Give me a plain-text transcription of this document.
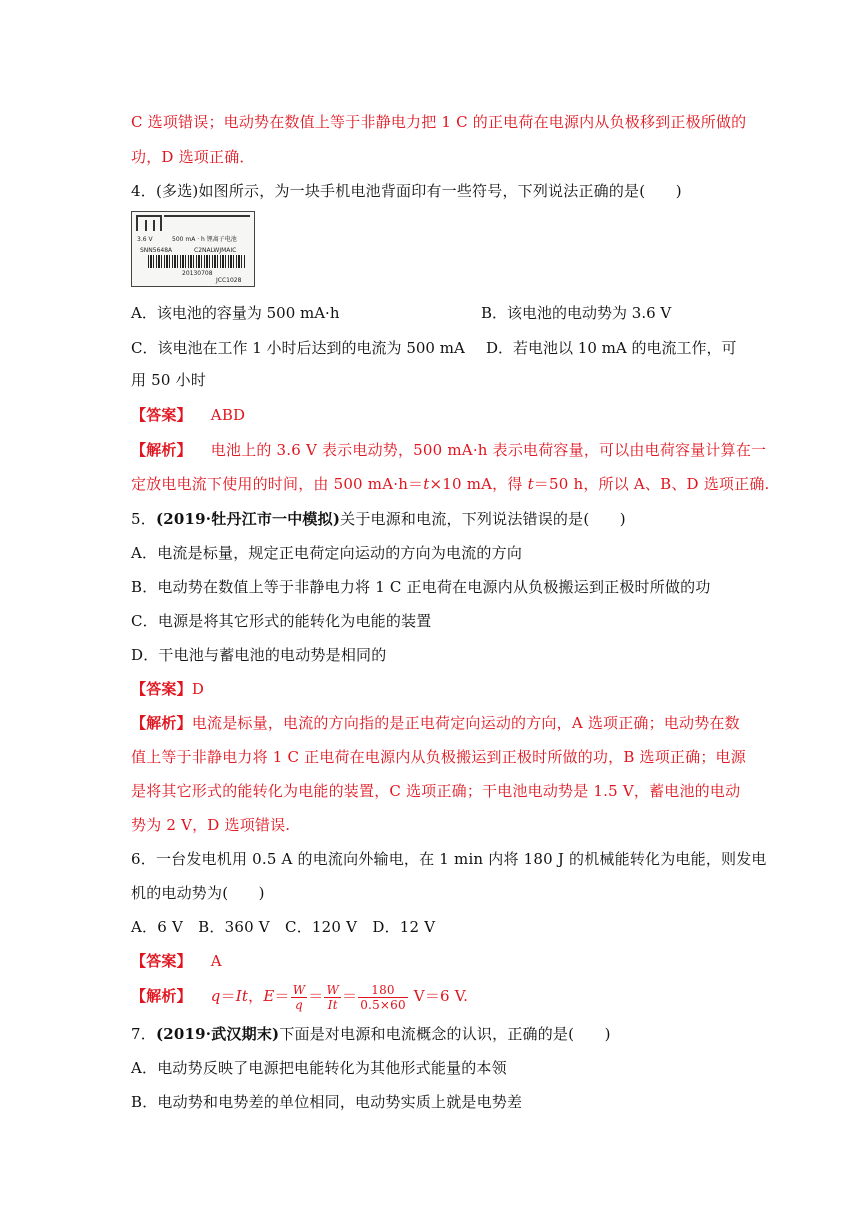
C 选项错误；电动势在数值上等于非静电力把 1 C 的正电荷在电源内从负极移到正极所做的
功，D 选项正确．
4．(多选)如图所示，为一块手机电池背面印有一些符号，下列说法正确的是(　　)
3.6 V	500 mA · h 锂离子电池
SNN5648A	C2NALWJMAIC
20130708
JCC1028
A．该电池的容量为 500 mA·h	B．该电池的电动势为 3.6 V
C．该电池在工作 1 小时后达到的电流为 500 mA D．若电池以 10 mA 的电流工作，可
用 50 小时
【答案】 ABD
【解析】 电池上的 3.6 V 表示电动势，500 mA·h 表示电荷容量，可以由电荷容量计算在一
定放电电流下使用的时间，由 500 mA·h＝t×10 mA，得 t＝50 h，所以 A、B、D 选项正确.
5．(2019·牡丹江市一中模拟)关于电源和电流，下列说法错误的是(　　)
A．电流是标量，规定正电荷定向运动的方向为电流的方向
B．电动势在数值上等于非静电力将 1 C 正电荷在电源内从负极搬运到正极时所做的功
C．电源是将其它形式的能转化为电能的装置
D．干电池与蓄电池的电动势是相同的
【答案】D
【解析】电流是标量，电流的方向指的是正电荷定向运动的方向，A 选项正确；电动势在数
值上等于非静电力将 1 C 正电荷在电源内从负极搬运到正极时所做的功，B 选项正确；电源
是将其它形式的能转化为电能的装置，C 选项正确；干电池电动势是 1.5 V，蓄电池的电动
势为 2 V，D 选项错误.
6．一台发电机用 0.5 A 的电流向外输电，在 1 min 内将 180 J 的机械能转化为电能，则发电
机的电动势为(　　)
A．6 V　B．360 V　C．120 V　D．12 V
【答案】 A
【解析】 q＝It，$E= \frac{W}{q} = \frac{W}{It} = \frac{180}{0.5\times 60} V=6$ V.
7．(2019·武汉期末)下面是对电源和电流概念的认识，正确的是(　　)
A．电动势反映了电源把电能转化为其他形式能量的本领
B．电动势和电势差的单位相同，电动势实质上就是电势差
